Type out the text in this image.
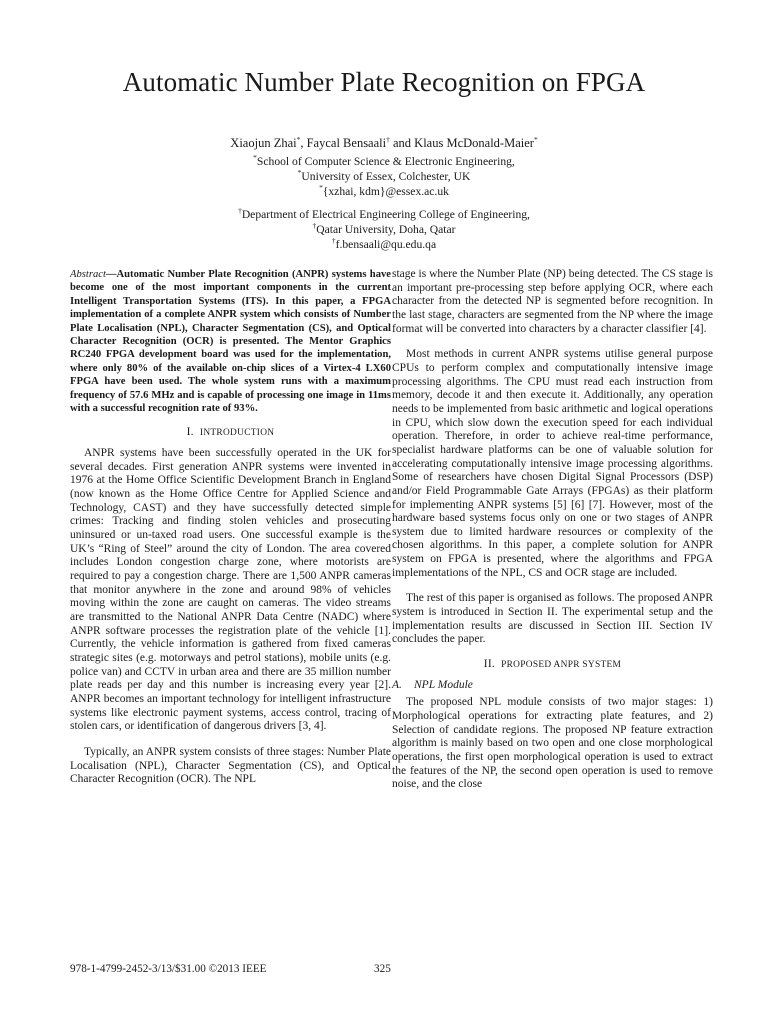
Automatic Number Plate Recognition on FPGA
Xiaojun Zhai*, Faycal Bensaali† and Klaus McDonald-Maier*
*School of Computer Science & Electronic Engineering,
*University of Essex, Colchester, UK
*{xzhai, kdm}@essex.ac.uk
†Department of Electrical Engineering College of Engineering,
†Qatar University, Doha, Qatar
†f.bensaali@qu.edu.qa

Abstract—Automatic Number Plate Recognition (ANPR) systems have become one of the most important components in the current Intelligent Transportation Systems (ITS). In this paper, a FPGA implementation of a complete ANPR system which consists of Number Plate Localisation (NPL), Character Segmentation (CS), and Optical Character Recognition (OCR) is presented. The Mentor Graphics RC240 FPGA development board was used for the implementation, where only 80% of the available on-chip slices of a Virtex-4 LX60 FPGA have been used. The whole system runs with a maximum frequency of 57.6 MHz and is capable of processing one image in 11ms with a successful recognition rate of 93%.

I. INTRODUCTION

ANPR systems have been successfully operated in the UK for several decades. First generation ANPR systems were invented in 1976 at the Home Office Scientific Development Branch in England (now known as the Home Office Centre for Applied Science and Technology, CAST) and they have successfully detected simple crimes: Tracking and finding stolen vehicles and prosecuting uninsured or un-taxed road users. One successful example is the UK’s “Ring of Steel” around the city of London. The area covered includes London congestion charge zone, where motorists are required to pay a congestion charge. There are 1,500 ANPR cameras that monitor anywhere in the zone and around 98% of vehicles moving within the zone are caught on cameras. The video streams are transmitted to the National ANPR Data Centre (NADC) where ANPR software processes the registration plate of the vehicle [1]. Currently, the vehicle information is gathered from fixed cameras strategic sites (e.g. motorways and petrol stations), mobile units (e.g. police van) and CCTV in urban area and there are 35 million number plate reads per day and this number is increasing every year [2]. ANPR becomes an important technology for intelligent infrastructure systems like electronic payment systems, access control, tracing of stolen cars, or identification of dangerous drivers [3, 4].

Typically, an ANPR system consists of three stages: Number Plate Localisation (NPL), Character Segmentation (CS), and Optical Character Recognition (OCR). The NPL

stage is where the Number Plate (NP) being detected. The CS stage is an important pre-processing step before applying OCR, where each character from the detected NP is segmented before recognition. In the last stage, characters are segmented from the NP where the image format will be converted into characters by a character classifier [4].

Most methods in current ANPR systems utilise general purpose CPUs to perform complex and computationally intensive image processing algorithms. The CPU must read each instruction from memory, decode it and then execute it. Additionally, any operation needs to be implemented from basic arithmetic and logical operations in CPU, which slow down the execution speed for each individual operation. Therefore, in order to achieve real-time performance, specialist hardware platforms can be one of valuable solution for accelerating computationally intensive image processing algorithms. Some of researchers have chosen Digital Signal Processors (DSP) and/or Field Programmable Gate Arrays (FPGAs) as their platform for implementing ANPR systems [5] [6] [7]. However, most of the hardware based systems focus only on one or two stages of ANPR system due to limited hardware resources or complexity of the chosen algorithms. In this paper, a complete solution for ANPR system on FPGA is presented, where the algorithms and FPGA implementations of the NPL, CS and OCR stage are included.

The rest of this paper is organised as follows. The proposed ANPR system is introduced in Section II. The experimental setup and the implementation results are discussed in Section III. Section IV concludes the paper.

II. PROPOSED ANPR SYSTEM
A. NPL Module

The proposed NPL module consists of two major stages: 1) Morphological operations for extracting plate features, and 2) Selection of candidate regions. The proposed NP feature extraction algorithm is mainly based on two open and one close morphological operations, the first open morphological operation is used to extract the features of the NP, the second open operation is used to remove noise, and the close

978-1-4799-2452-3/13/$31.00 ©2013 IEEE	325
